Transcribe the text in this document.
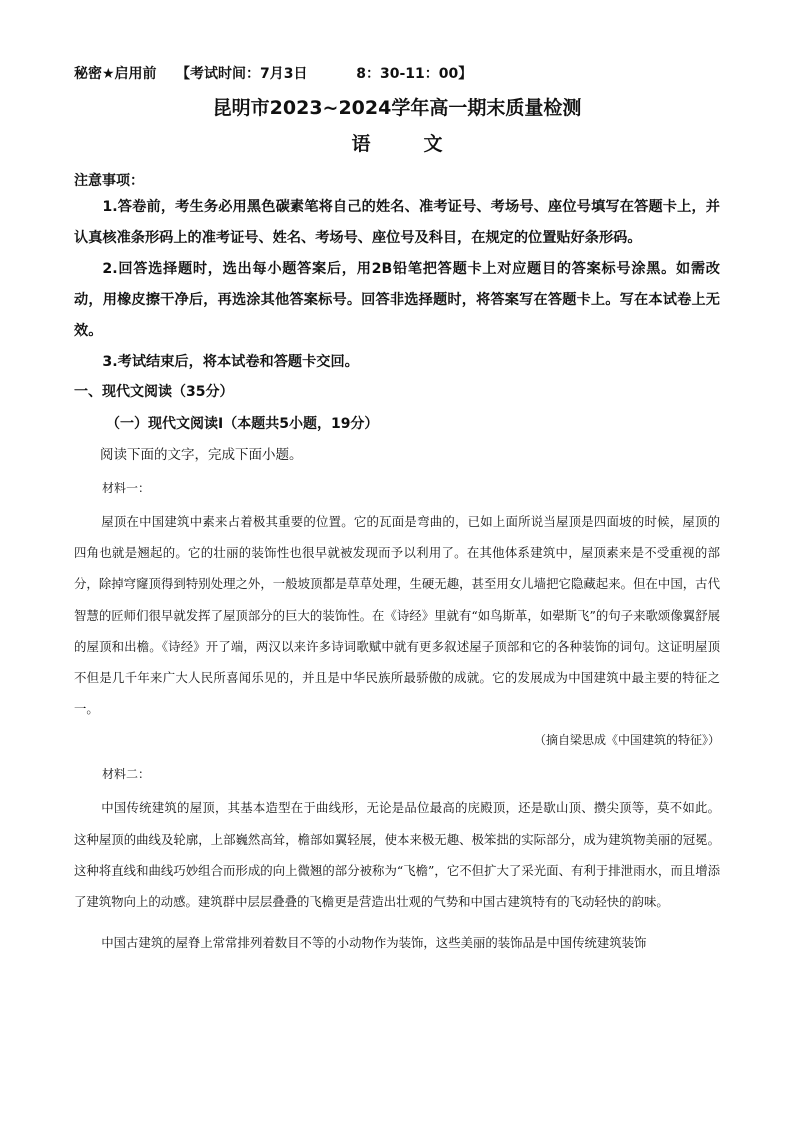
秘密★启用前    【考试时间：7月3日          8：30-11：00】

昆明市2023~2024学年高一期末质量检测
语        文

注意事项：

1.答卷前，考生务必用黑色碳素笔将自己的姓名、准考证号、考场号、座位号填写在答题卡上，并认真核准条形码上的准考证号、姓名、考场号、座位号及科目，在规定的位置贴好条形码。

2.回答选择题时，选出每小题答案后，用2B铅笔把答题卡上对应题目的答案标号涂黑。如需改动，用橡皮擦干净后，再选涂其他答案标号。回答非选择题时，将答案写在答题卡上。写在本试卷上无效。

3.考试结束后，将本试卷和答题卡交回。

一、现代文阅读（35分）

（一）现代文阅读Ⅰ（本题共5小题，19分）

阅读下面的文字，完成下面小题。

材料一：

屋顶在中国建筑中素来占着极其重要的位置。它的瓦面是弯曲的，已如上面所说当屋顶是四面坡的时候，屋顶的四角也就是翘起的。它的壮丽的装饰性也很早就被发现而予以利用了。在其他体系建筑中，屋顶素来是不受重视的部分，除掉穹窿顶得到特别处理之外，一般坡顶都是草草处理，生硬无趣，甚至用女儿墙把它隐藏起来。但在中国，古代智慧的匠师们很早就发挥了屋顶部分的巨大的装饰性。在《诗经》里就有“如鸟斯革，如翚斯飞”的句子来歌颂像翼舒展的屋顶和出檐。《诗经》开了端，两汉以来许多诗词歌赋中就有更多叙述屋子顶部和它的各种装饰的词句。这证明屋顶不但是几千年来广大人民所喜闻乐见的，并且是中华民族所最骄傲的成就。它的发展成为中国建筑中最主要的特征之一。

（摘自梁思成《中国建筑的特征》）

材料二：

中国传统建筑的屋顶，其基本造型在于曲线形，无论是品位最高的庑殿顶，还是歇山顶、攒尖顶等，莫不如此。这种屋顶的曲线及轮廓，上部巍然高耸，檐部如翼轻展，使本来极无趣、极笨拙的实际部分，成为建筑物美丽的冠冕。这种将直线和曲线巧妙组合而形成的向上微翘的部分被称为“飞檐”，它不但扩大了采光面、有利于排泄雨水，而且增添了建筑物向上的动感。建筑群中层层叠叠的飞檐更是营造出壮观的气势和中国古建筑特有的飞动轻快的韵味。

中国古建筑的屋脊上常常排列着数目不等的小动物作为装饰，这些美丽的装饰品是中国传统建筑装饰
